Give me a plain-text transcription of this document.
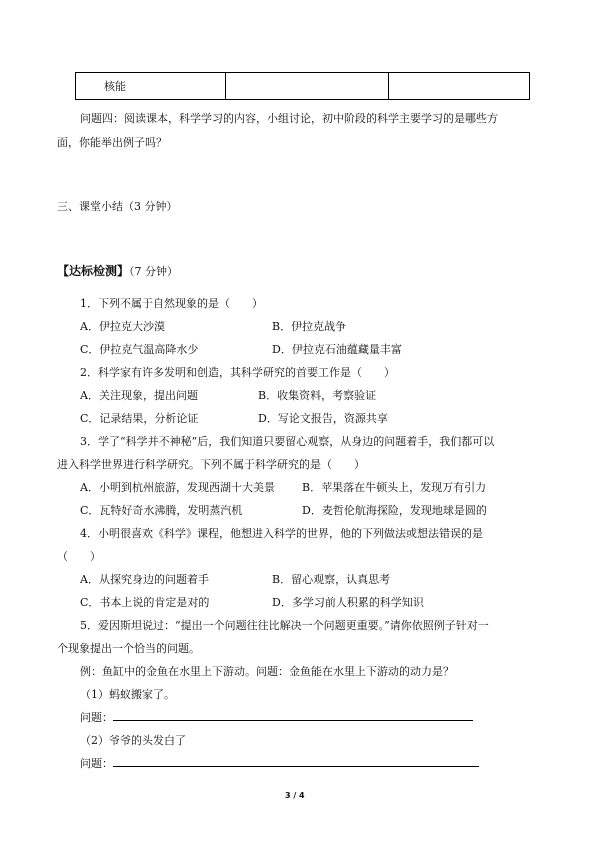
核能		
问题四：阅读课本，科学学习的内容，小组讨论，初中阶段的科学主要学习的是哪些方
面，你能举出例子吗？
三、课堂小结（3 分钟）
【达标检测】（7 分钟）
1．下列不属于自然现象的是（　　）
A．伊拉克大沙漠	B．伊拉克战争
C．伊拉克气温高降水少	D．伊拉克石油蕴藏量丰富
2．科学家有许多发明和创造，其科学研究的首要工作是（　　）
A．关注现象，提出问题	B．收集资料，考察验证
C．记录结果，分析论证	D．写论文报告，资源共享
3．学了“科学并不神秘”后，我们知道只要留心观察，从身边的问题着手，我们都可以
进入科学世界进行科学研究。下列不属于科学研究的是（　　）
A．小明到杭州旅游，发现西湖十大美景 B．苹果落在牛顿头上，发现万有引力
C．瓦特好奇水沸腾，发明蒸汽机	D．麦哲伦航海探险，发现地球是圆的
4．小明很喜欢《科学》课程，他想进入科学的世界，他的下列做法或想法错误的是
（　　）
A．从探究身边的问题着手	B．留心观察，认真思考
C．书本上说的肯定是对的	D．多学习前人积累的科学知识
5．爱因斯坦说过：“提出一个问题往往比解决一个问题更重要。”请你依照例子针对一
个现象提出一个恰当的问题。
例：鱼缸中的金鱼在水里上下游动。问题：金鱼能在水里上下游动的动力是？
（1）蚂蚁搬家了。
问题：
（2）爷爷的头发白了
问题：
3 / 4
